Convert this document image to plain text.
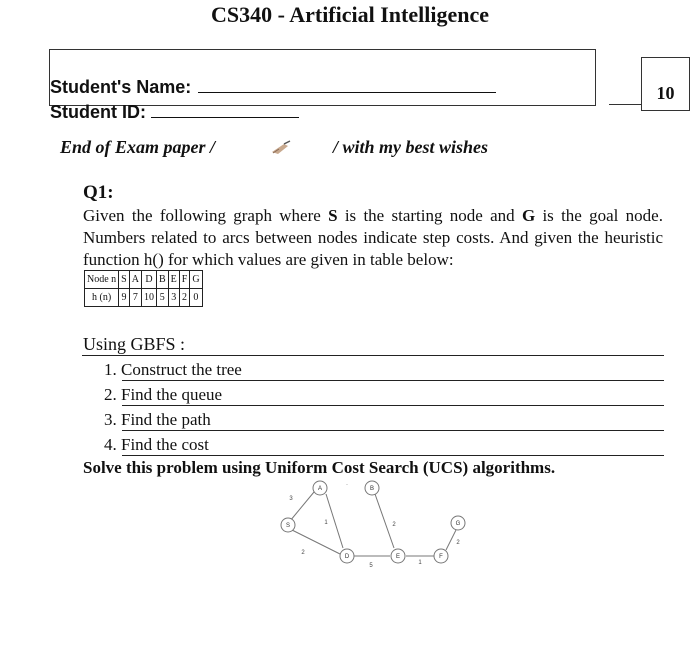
CS340 - Artificial Intelligence
Student's Name:
Student ID:
10
End of Exam paper /	/ with my best wishes
Q1:
Given the following graph where S is the starting node and G is the goal node. Numbers related to arcs between nodes indicate step costs. And given the heuristic function h() for which values are given in table below:
Node n	S	A	D	B	E	F	G
h (n)	9	7	10	5	3	2	0
Using GBFS :
1. Construct the tree
2. Find the queue
3. Find the path
4. Find the cost
Solve this problem using Uniform Cost Search (UCS) algorithms.
3
1
2
2
5	1
2
·
S
A	B
D	E	F
G
